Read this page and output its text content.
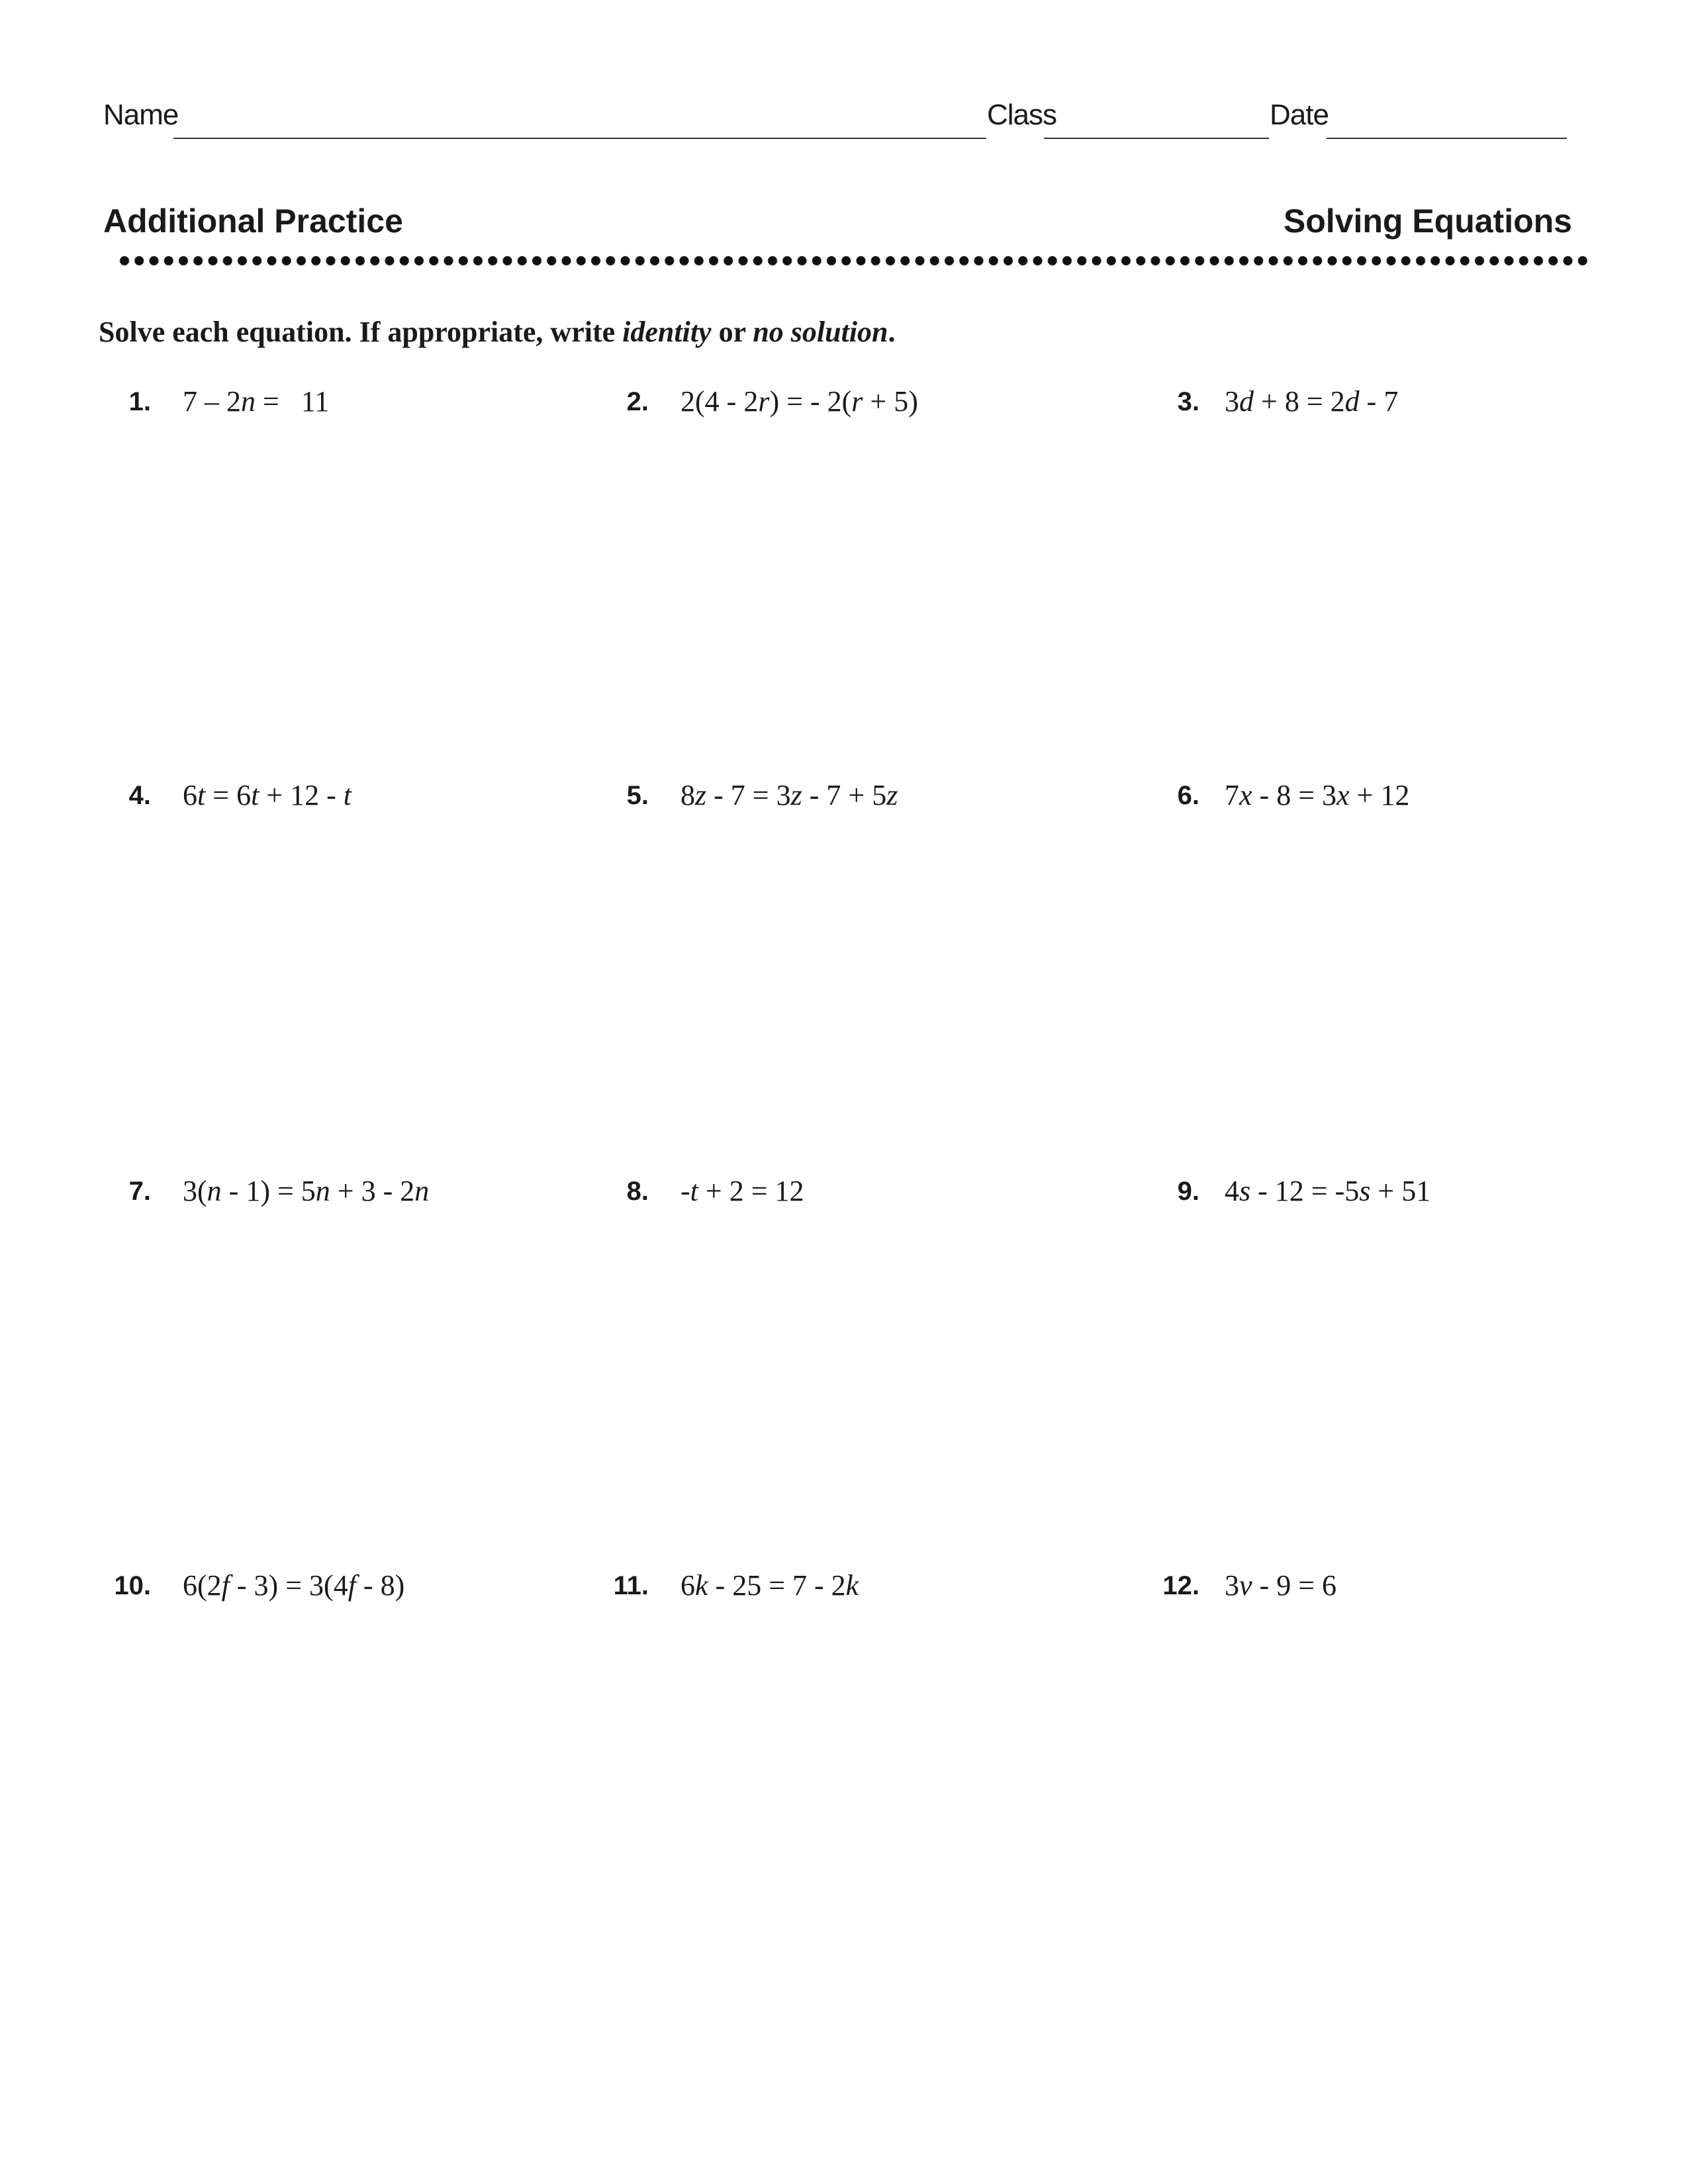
Name	Class	Date
Additional Practice	Solving Equations
Solve each equation. If appropriate, write identity or no solution.
1. 7 – 2n = 11	2. 2(4 - 2r) = - 2(r + 5)	3. 3d + 8 = 2d - 7
4. 6t = 6t + 12 - t	5. 8z - 7 = 3z - 7 + 5z	6. 7x - 8 = 3x + 12
7. 3(n - 1) = 5n + 3 - 2n	8. -t + 2 = 12	9. 4s - 12 = -5s + 51
10. 6(2f - 3) = 3(4f - 8)	11. 6k - 25 = 7 - 2k	12. 3v - 9 = 6
